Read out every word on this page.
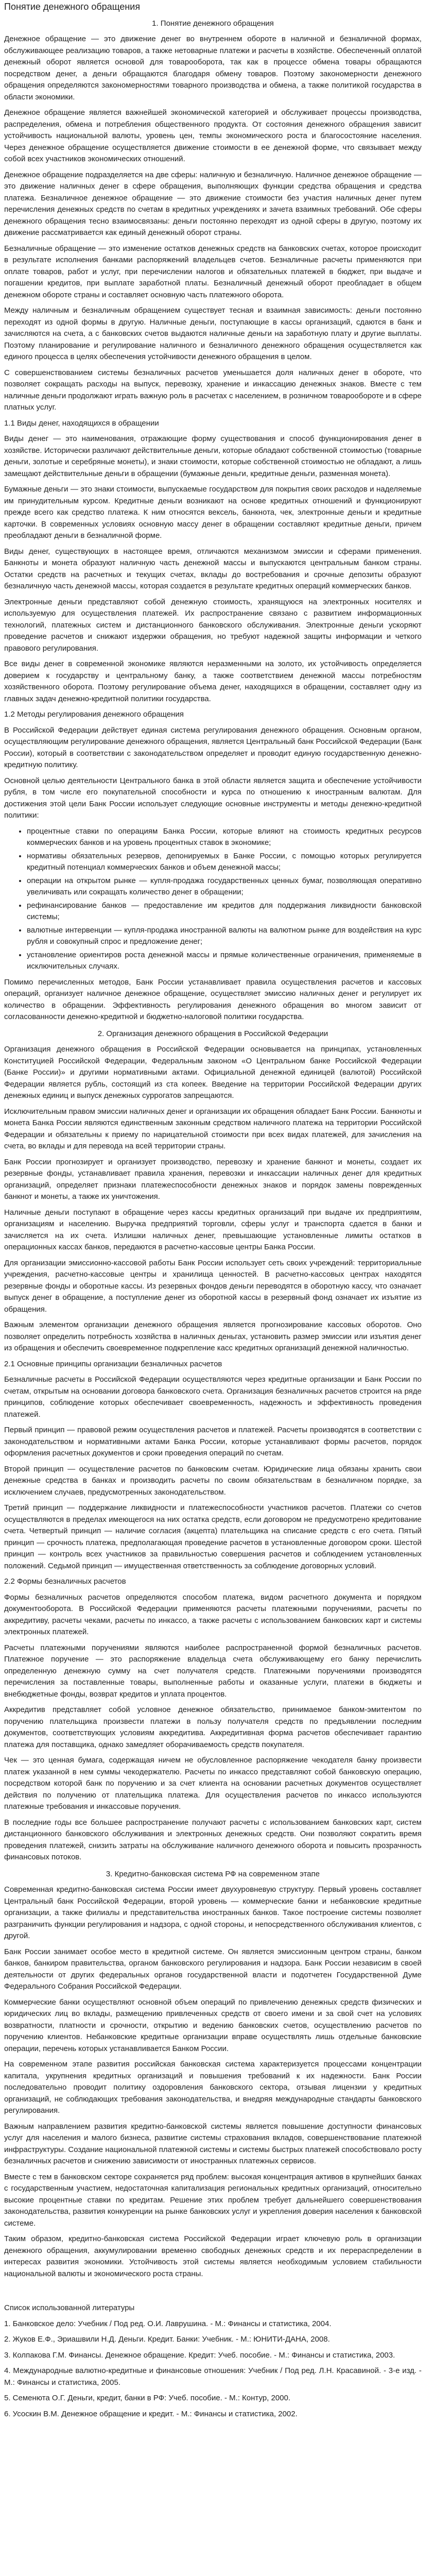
Понятие денежного обращения

1. Понятие денежного обращения

Денежное обращение — это движение денег во внутреннем обороте в наличной и безналичной формах, обслуживающее реализацию товаров, а также нетоварные платежи и расчеты в хозяйстве. Обеспеченный оплатой денежный оборот является основой для товарооборота, так как в процессе обмена товары обращаются посредством денег, а деньги обращаются благодаря обмену товаров. Поэтому закономерности денежного обращения определяются закономерностями товарного производства и обмена, а также политикой государства в области экономики.

Денежное обращение является важнейшей экономической категорией и обслуживает процессы производства, распределения, обмена и потребления общественного продукта. От состояния денежного обращения зависит устойчивость национальной валюты, уровень цен, темпы экономического роста и благосостояние населения. Через денежное обращение осуществляется движение стоимости в ее денежной форме, что связывает между собой всех участников экономических отношений.

Денежное обращение подразделяется на две сферы: наличную и безналичную. Наличное денежное обращение — это движение наличных денег в сфере обращения, выполняющих функции средства обращения и средства платежа. Безналичное денежное обращение — это движение стоимости без участия наличных денег путем перечисления денежных средств по счетам в кредитных учреждениях и зачета взаимных требований. Обе сферы денежного обращения тесно взаимосвязаны: деньги постоянно переходят из одной сферы в другую, поэтому их движение рассматривается как единый денежный оборот страны.

Безналичные обращение — это изменение остатков денежных средств на банковских счетах, которое происходит в результате исполнения банками распоряжений владельцев счетов. Безналичные расчеты применяются при оплате товаров, работ и услуг, при перечислении налогов и обязательных платежей в бюджет, при выдаче и погашении кредитов, при выплате заработной платы. Безналичный денежный оборот преобладает в общем денежном обороте страны и составляет основную часть платежного оборота.

Между наличным и безналичным обращением существует тесная и взаимная зависимость: деньги постоянно переходят из одной формы в другую. Наличные деньги, поступающие в кассы организаций, сдаются в банк и зачисляются на счета, а с банковских счетов выдаются наличные деньги на заработную плату и другие выплаты. Поэтому планирование и регулирование наличного и безналичного денежного обращения осуществляется как единого процесса в целях обеспечения устойчивости денежного обращения в целом.

С совершенствованием системы безналичных расчетов уменьшается доля наличных денег в обороте, что позволяет сокращать расходы на выпуск, перевозку, хранение и инкассацию денежных знаков. Вместе с тем наличные деньги продолжают играть важную роль в расчетах с населением, в розничном товарообороте и в сфере платных услуг.

1.1 Виды денег, находящихся в обращении

Виды денег — это наименования, отражающие форму существования и способ функционирования денег в хозяйстве. Исторически различают действительные деньги, которые обладают собственной стоимостью (товарные деньги, золотые и серебряные монеты), и знаки стоимости, которые собственной стоимостью не обладают, а лишь замещают действительные деньги в обращении (бумажные деньги, кредитные деньги, разменная монета).

Бумажные деньги — это знаки стоимости, выпускаемые государством для покрытия своих расходов и наделяемые им принудительным курсом. Кредитные деньги возникают на основе кредитных отношений и функционируют прежде всего как средство платежа. К ним относятся вексель, банкнота, чек, электронные деньги и кредитные карточки. В современных условиях основную массу денег в обращении составляют кредитные деньги, причем преобладают деньги в безналичной форме.

Виды денег, существующих в настоящее время, отличаются механизмом эмиссии и сферами применения. Банкноты и монета образуют наличную часть денежной массы и выпускаются центральным банком страны. Остатки средств на расчетных и текущих счетах, вклады до востребования и срочные депозиты образуют безналичную часть денежной массы, которая создается в результате кредитных операций коммерческих банков.

Электронные деньги представляют собой денежную стоимость, хранящуюся на электронных носителях и используемую для осуществления платежей. Их распространение связано с развитием информационных технологий, платежных систем и дистанционного банковского обслуживания. Электронные деньги ускоряют проведение расчетов и снижают издержки обращения, но требуют надежной защиты информации и четкого правового регулирования.

Все виды денег в современной экономике являются неразменными на золото, их устойчивость определяется доверием к государству и центральному банку, а также соответствием денежной массы потребностям хозяйственного оборота. Поэтому регулирование объема денег, находящихся в обращении, составляет одну из главных задач денежно-кредитной политики государства.

1.2 Методы регулирования денежного обращения

В Российской Федерации действует единая система регулирования денежного обращения. Основным органом, осуществляющим регулирование денежного обращения, является Центральный банк Российской Федерации (Банк России), который в соответствии с законодательством определяет и проводит единую государственную денежно-кредитную политику.

Основной целью деятельности Центрального банка в этой области является защита и обеспечение устойчивости рубля, в том числе его покупательной способности и курса по отношению к иностранным валютам. Для достижения этой цели Банк России использует следующие основные инструменты и методы денежно-кредитной политики:

• процентные ставки по операциям Банка России, которые влияют на стоимость кредитных ресурсов коммерческих банков и на уровень процентных ставок в экономике;
• нормативы обязательных резервов, депонируемых в Банке России, с помощью которых регулируется кредитный потенциал коммерческих банков и объем денежной массы;
• операции на открытом рынке — купля-продажа государственных ценных бумаг, позволяющая оперативно увеличивать или сокращать количество денег в обращении;
• рефинансирование банков — предоставление им кредитов для поддержания ликвидности банковской системы;
• валютные интервенции — купля-продажа иностранной валюты на валютном рынке для воздействия на курс рубля и совокупный спрос и предложение денег;
• установление ориентиров роста денежной массы и прямые количественные ограничения, применяемые в исключительных случаях.

Помимо перечисленных методов, Банк России устанавливает правила осуществления расчетов и кассовых операций, организует наличное денежное обращение, осуществляет эмиссию наличных денег и регулирует их количество в обращении. Эффективность регулирования денежного обращения во многом зависит от согласованности денежно-кредитной и бюджетно-налоговой политики государства.

2. Организация денежного обращения в Российской Федерации

Организация денежного обращения в Российской Федерации основывается на принципах, установленных Конституцией Российской Федерации, Федеральным законом «О Центральном банке Российской Федерации (Банке России)» и другими нормативными актами. Официальной денежной единицей (валютой) Российской Федерации является рубль, состоящий из ста копеек. Введение на территории Российской Федерации других денежных единиц и выпуск денежных суррогатов запрещаются.

Исключительным правом эмиссии наличных денег и организации их обращения обладает Банк России. Банкноты и монета Банка России являются единственным законным средством наличного платежа на территории Российской Федерации и обязательны к приему по нарицательной стоимости при всех видах платежей, для зачисления на счета, во вклады и для перевода на всей территории страны.

Банк России прогнозирует и организует производство, перевозку и хранение банкнот и монеты, создает их резервные фонды, устанавливает правила хранения, перевозки и инкассации наличных денег для кредитных организаций, определяет признаки платежеспособности денежных знаков и порядок замены поврежденных банкнот и монеты, а также их уничтожения.

Наличные деньги поступают в обращение через кассы кредитных организаций при выдаче их предприятиям, организациям и населению. Выручка предприятий торговли, сферы услуг и транспорта сдается в банки и зачисляется на их счета. Излишки наличных денег, превышающие установленные лимиты остатков в операционных кассах банков, передаются в расчетно-кассовые центры Банка России.

Для организации эмиссионно-кассовой работы Банк России использует сеть своих учреждений: территориальные учреждения, расчетно-кассовые центры и хранилища ценностей. В расчетно-кассовых центрах находятся резервные фонды и оборотные кассы. Из резервных фондов деньги переводятся в оборотную кассу, что означает выпуск денег в обращение, а поступление денег из оборотной кассы в резервный фонд означает их изъятие из обращения.

Важным элементом организации денежного обращения является прогнозирование кассовых оборотов. Оно позволяет определить потребность хозяйства в наличных деньгах, установить размер эмиссии или изъятия денег из обращения и обеспечить своевременное подкрепление касс кредитных организаций денежной наличностью.

2.1 Основные принципы организации безналичных расчетов

Безналичные расчеты в Российской Федерации осуществляются через кредитные организации и Банк России по счетам, открытым на основании договора банковского счета. Организация безналичных расчетов строится на ряде принципов, соблюдение которых обеспечивает своевременность, надежность и эффективность проведения платежей.

Первый принцип — правовой режим осуществления расчетов и платежей. Расчеты производятся в соответствии с законодательством и нормативными актами Банка России, которые устанавливают формы расчетов, порядок оформления расчетных документов и сроки проведения операций по счетам.

Второй принцип — осуществление расчетов по банковским счетам. Юридические лица обязаны хранить свои денежные средства в банках и производить расчеты по своим обязательствам в безналичном порядке, за исключением случаев, предусмотренных законодательством.

Третий принцип — поддержание ликвидности и платежеспособности участников расчетов. Платежи со счетов осуществляются в пределах имеющегося на них остатка средств, если договором не предусмотрено кредитование счета. Четвертый принцип — наличие согласия (акцепта) плательщика на списание средств с его счета. Пятый принцип — срочность платежа, предполагающая проведение расчетов в установленные договором сроки. Шестой принцип — контроль всех участников за правильностью совершения расчетов и соблюдением установленных положений. Седьмой принцип — имущественная ответственность за соблюдение договорных условий.

2.2 Формы безналичных расчетов

Формы безналичных расчетов определяются способом платежа, видом расчетного документа и порядком документооборота. В Российской Федерации применяются расчеты платежными поручениями, расчеты по аккредитиву, расчеты чеками, расчеты по инкассо, а также расчеты с использованием банковских карт и системы электронных платежей.

Расчеты платежными поручениями являются наиболее распространенной формой безналичных расчетов. Платежное поручение — это распоряжение владельца счета обслуживающему его банку перечислить определенную денежную сумму на счет получателя средств. Платежными поручениями производятся перечисления за поставленные товары, выполненные работы и оказанные услуги, платежи в бюджеты и внебюджетные фонды, возврат кредитов и уплата процентов.

Аккредитив представляет собой условное денежное обязательство, принимаемое банком-эмитентом по поручению плательщика произвести платежи в пользу получателя средств по предъявлении последним документов, соответствующих условиям аккредитива. Аккредитивная форма расчетов обеспечивает гарантию платежа для поставщика, однако замедляет оборачиваемость средств покупателя.

Чек — это ценная бумага, содержащая ничем не обусловленное распоряжение чекодателя банку произвести платеж указанной в нем суммы чекодержателю. Расчеты по инкассо представляют собой банковскую операцию, посредством которой банк по поручению и за счет клиента на основании расчетных документов осуществляет действия по получению от плательщика платежа. Для осуществления расчетов по инкассо используются платежные требования и инкассовые поручения.

В последние годы все большее распространение получают расчеты с использованием банковских карт, систем дистанционного банковского обслуживания и электронных денежных средств. Они позволяют сократить время проведения платежей, снизить затраты на обслуживание наличного денежного оборота и повысить прозрачность финансовых потоков.

3. Кредитно-банковская система РФ на современном этапе

Современная кредитно-банковская система России имеет двухуровневую структуру. Первый уровень составляет Центральный банк Российской Федерации, второй уровень — коммерческие банки и небанковские кредитные организации, а также филиалы и представительства иностранных банков. Такое построение системы позволяет разграничить функции регулирования и надзора, с одной стороны, и непосредственного обслуживания клиентов, с другой.

Банк России занимает особое место в кредитной системе. Он является эмиссионным центром страны, банком банков, банкиром правительства, органом банковского регулирования и надзора. Банк России независим в своей деятельности от других федеральных органов государственной власти и подотчетен Государственной Думе Федерального Собрания Российской Федерации.

Коммерческие банки осуществляют основной объем операций по привлечению денежных средств физических и юридических лиц во вклады, размещению привлеченных средств от своего имени и за свой счет на условиях возвратности, платности и срочности, открытию и ведению банковских счетов, осуществлению расчетов по поручению клиентов. Небанковские кредитные организации вправе осуществлять лишь отдельные банковские операции, перечень которых устанавливается Банком России.

На современном этапе развития российская банковская система характеризуется процессами концентрации капитала, укрупнения кредитных организаций и повышения требований к их надежности. Банк России последовательно проводит политику оздоровления банковского сектора, отзывая лицензии у кредитных организаций, не соблюдающих требования законодательства, и внедряя международные стандарты банковского регулирования.

Важным направлением развития кредитно-банковской системы является повышение доступности финансовых услуг для населения и малого бизнеса, развитие системы страхования вкладов, совершенствование платежной инфраструктуры. Создание национальной платежной системы и системы быстрых платежей способствовало росту безналичных расчетов и снижению зависимости от иностранных платежных сервисов.

Вместе с тем в банковском секторе сохраняется ряд проблем: высокая концентрация активов в крупнейших банках с государственным участием, недостаточная капитализация региональных кредитных организаций, относительно высокие процентные ставки по кредитам. Решение этих проблем требует дальнейшего совершенствования законодательства, развития конкуренции на рынке банковских услуг и укрепления доверия населения к банковской системе.

Таким образом, кредитно-банковская система Российской Федерации играет ключевую роль в организации денежного обращения, аккумулировании временно свободных денежных средств и их перераспределении в интересах развития экономики. Устойчивость этой системы является необходимым условием стабильности национальной валюты и экономического роста страны.

Список использованной литературы

1. Банковское дело: Учебник / Под ред. О.И. Лаврушина. - М.: Финансы и статистика, 2004.

2. Жуков Е.Ф., Эриашвили Н.Д. Деньги. Кредит. Банки: Учебник. - М.: ЮНИТИ-ДАНА, 2008.

3. Колпакова Г.М. Финансы. Денежное обращение. Кредит: Учеб. пособие. - М.: Финансы и статистика, 2003.

4. Международные валютно-кредитные и финансовые отношения: Учебник / Под ред. Л.Н. Красавиной. - 3-е изд. - М.: Финансы и статистика, 2005.

5. Семенюта О.Г. Деньги, кредит, банки в РФ: Учеб. пособие. - М.: Контур, 2000.

6. Усоскин В.М. Денежное обращение и кредит. - М.: Финансы и статистика, 2002.
